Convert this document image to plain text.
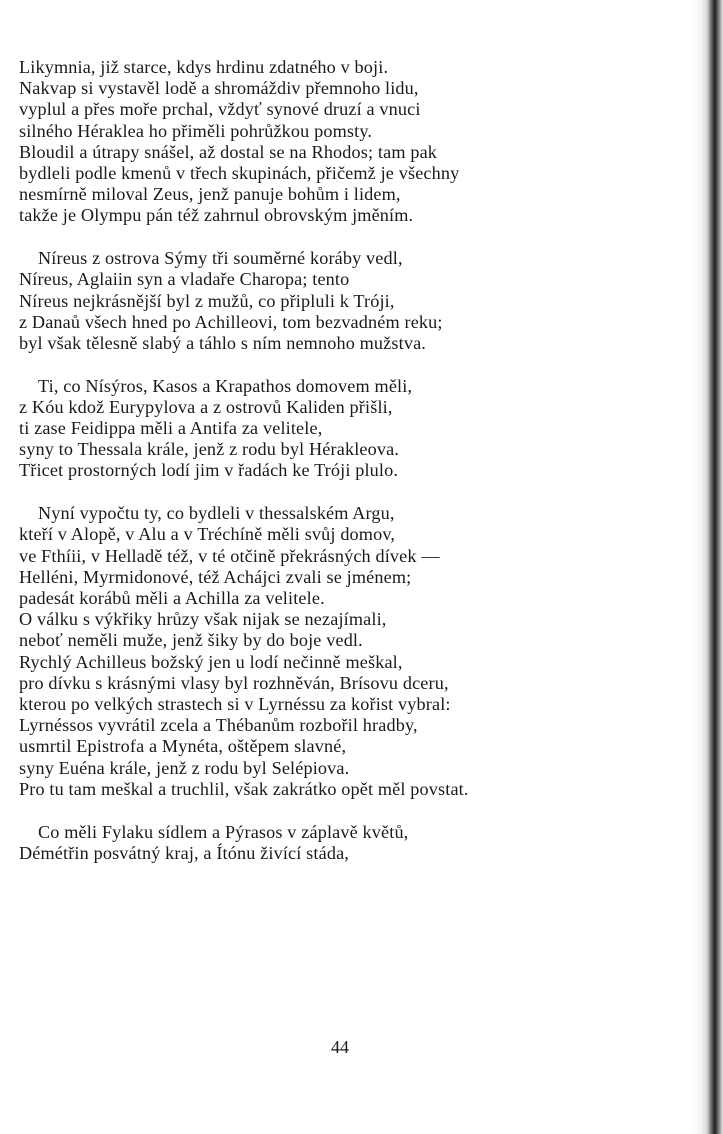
Likymnia, již starce, kdys hrdinu zdatného v boji.
Nakvap si vystavěl lodě a shromáždiv přemnoho lidu,
vyplul a přes moře prchal, vždyť synové druzí a vnuci
silného Hérakleа ho přiměli pohrůžkou pomsty.
Bloudil a útrapy snášel, až dostal se na Rhodos; tam pak
bydleli podle kmenů v třech skupinách, přičemž je všechny
nesmírně miloval Zeus, jenž panuje bohům i lidem,
takže je Olympu pán též zahrnul obrovským jměním.
Níreus z ostrova Sýmy tři souměrné koráby vedl,
Níreus, Aglaiin syn a vladaře Charopa; tento
Níreus nejkrásnější byl z mužů, co připluli k Tróji,
z Danaů všech hned po Achilleovi, tom bezvadném reku;
byl však tělesně slabý a táhlo s ním nemnoho mužstva.
Ti, co Nísýros, Kasos a Krapathos domovem měli,
z Kóu kdož Eurypylova a z ostrovů Kaliden přišli,
ti zase Feidippa měli a Antifa za velitele,
syny to Thessala krále, jenž z rodu byl Hérakleova.
Třicet prostorných lodí jim v řadách ke Tróji plulo.
Nyní vypočtu ty, co bydleli v thessalském Argu,
kteří v Alopě, v Alu a v Tréchíně měli svůj domov,
ve Fthíii, v Helladě též, v té otčině překrásných dívek —
Hellénі, Myrmidonové, též Achájci zvali se jménem;
padesát korábů měli a Achilla za velitele.
O válku s výkřiky hrůzy však nijak se nezajímali,
neboť neměli muže, jenž šiky by do boje vedl.
Rychlý Achilleus božský jen u lodí nečinně meškal,
pro dívku s krásnými vlasy byl rozhněván, Brísovu dceru,
kterou po velkých strastech si v Lyrnéssu za kořist vybral:
Lyrnéssos vyvrátil zcela a Thébanům rozbořil hradby,
usmrtil Epistrofa a Mynéta, oštěpem slavné,
syny Euéna krále, jenž z rodu byl Selépiova.
Pro tu tam meškal a truchlil, však zakrátko opět měl povstat.
Co měli Fylaku sídlem a Pýrasos v záplavě květů,
Démétřin posvátný kraj, a Ítónu živící stáda,
44
